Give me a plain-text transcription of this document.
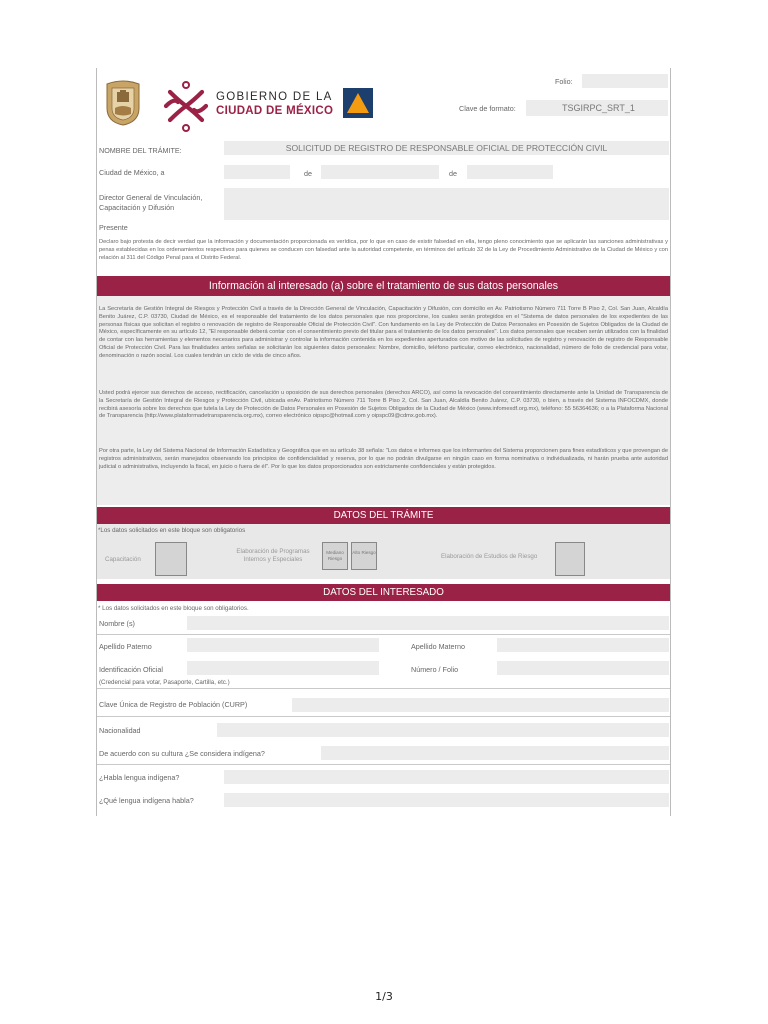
GOBIERNO DE LA
CIUDAD DE MÉXICO
Folio:
Clave de formato:	TSGIRPC_SRT_1
NOMBRE DEL TRÁMITE:	SOLICITUD DE REGISTRO DE RESPONSABLE OFICIAL DE PROTECCIÓN CIVIL
Ciudad de México, a	de	de
Director General de Vinculación, Capacitación y Difusión
Presente
Declaro bajo protesta de decir verdad que la información y documentación proporcionada es verídica, por lo que en caso de existir falsedad en ella, tengo pleno conocimiento que se aplicarán las sanciones administrativas y penas establecidas en los ordenamientos respectivos para quienes se conducen con falsedad ante la autoridad competente, en términos del artículo 32 de la Ley de Procedimiento Administrativo de la Ciudad de México y con relación al 311 del Código Penal para el Distrito Federal.
Información al interesado (a) sobre el tratamiento de sus datos personales
La Secretaría de Gestión Integral de Riesgos y Protección Civil a través de la Dirección General de Vinculación, Capacitación y Difusión, con domicilio en Av. Patriotismo Número 711 Torre B Piso 2, Col. San Juan, Alcaldía Benito Juárez, C.P. 03730, Ciudad de México, es el responsable del tratamiento de los datos personales que nos proporcione, los cuales serán protegidos en el "Sistema de datos personales de los expedientes de las personas físicas que solicitan el registro o renovación de registro de Responsable Oficial de Protección Civil". Con fundamento en la Ley de Protección de Datos Personales en Posesión de Sujetos Obligados de la Ciudad de México, específicamente en su artículo 12, "El responsable deberá contar con el consentimiento previo del titular para el tratamiento de los datos personales". Los datos personales que recaben serán utilizados con la finalidad de contar con las herramientas y elementos necesarios para administrar y controlar la información contenida en los expedientes aperturados con motivo de las solicitudes de registro y renovación de registro de Responsable Oficial de Protección Civil. Para las finalidades antes señalas se solicitarán los siguientes datos personales: Nombre, domicilio, teléfono particular, correo electrónico, nacionalidad, número de folio de credencial para votar, denominación o razón social. Los cuales tendrán un ciclo de vida de cinco años.
Usted podrá ejercer sus derechos de acceso, rectificación, cancelación u oposición de sus derechos personales (derechos ARCO), así como la revocación del consentimiento directamente ante la Unidad de Transparencia de la Secretaría de Gestión Integral de Riesgos y Protección Civil, ubicada enAv. Patriotismo Número 711 Torre B Piso 2, Col. San Juan, Alcaldía Benito Juárez, C.P. 03730, o bien, a través del Sistema INFOCDMX, donde recibirá asesoría sobre los derechos que tutela la Ley de Protección de Datos Personales en Posesión de Sujetos Obligados de la Ciudad de México (www.infomexdf.org.mx), teléfono: 55 56364636; o a la Plataforma Nacional de Transparencia (http://www.plataformadetransparencia.org.mx), correo electrónico oipspc@hotmail.com y oipspc09@cdmx.gob.mx).
Por otra parte, la Ley del Sistema Nacional de Información Estadística y Geográfica que en su artículo 38 señala: "Los datos e informes que los informantes del Sistema proporcionen para fines estadísticos y que provengan de registros administrativos, serán manejados observando los principios de confidencialidad y reserva, por lo que no podrán divulgarse en ningún caso en forma nominativa o individualizada, ni harán prueba ante autoridad judicial o administrativa, incluyendo la fiscal, en juicio o fuera de él". Por lo que los datos proporcionados son estrictamente confidenciales y están protegidos.
DATOS DEL TRÁMITE
*Los datos solicitados en este bloque son obligatorios
Capacitación
Elaboración de Programas Internos y Especiales
Mediano Riesgo
Alto Riesgo
Elaboración de Estudios de Riesgo
DATOS DEL INTERESADO
* Los datos solicitados en este bloque son obligatorios.
Nombre (s)
Apellido Paterno	Apellido Materno
Identificación Oficial	Número / Folio
(Credencial para votar, Pasaporte, Cartilla, etc.)
Clave Única de Registro de Población (CURP)
Nacionalidad
De acuerdo con su cultura ¿Se considera indígena?
¿Habla lengua indígena?
¿Qué lengua indígena habla?
1/3
